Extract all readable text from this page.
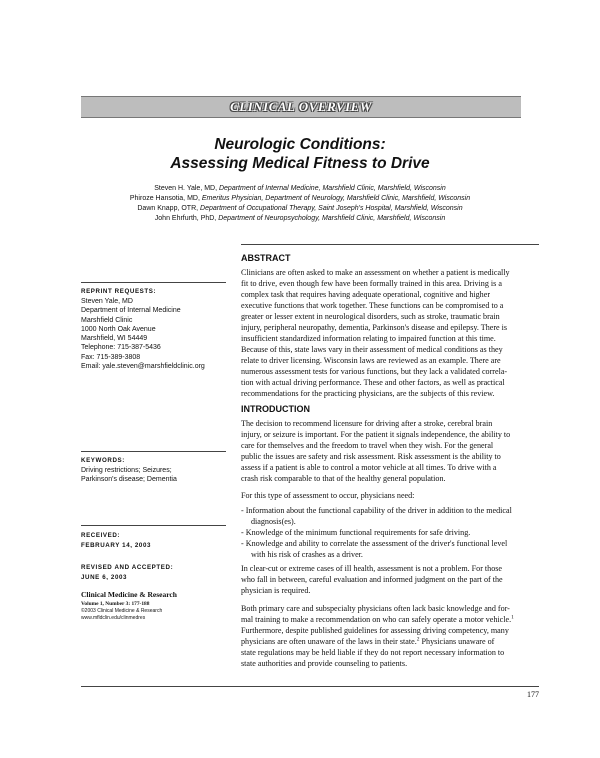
CLINICAL OVERVIEW
Neurologic Conditions:
Assessing Medical Fitness to Drive
Steven H. Yale, MD, Department of Internal Medicine, Marshfield Clinic, Marshfield, Wisconsin
Phiroze Hansotia, MD, Emeritus Physician, Department of Neurology, Marshfield Clinic, Marshfield, Wisconsin
Dawn Knapp, OTR, Department of Occupational Therapy, Saint Joseph's Hospital, Marshfield, Wisconsin
John Ehrfurth, PhD, Department of Neuropsychology, Marshfield Clinic, Marshfield, Wisconsin
REPRINT REQUESTS:
Steven Yale, MD
Department of Internal Medicine
Marshfield Clinic
1000 North Oak Avenue
Marshfield, WI 54449
Telephone: 715-387-5436
Fax: 715-389-3808
Email: yale.steven@marshfieldclinic.org
KEYWORDS:
Driving restrictions; Seizures;
Parkinson's disease; Dementia
RECEIVED:
FEBRUARY 14, 2003
REVISED AND ACCEPTED:
JUNE 6, 2003
Clinical Medicine & Research
Volume 1, Number 3: 177-188
©2003 Clinical Medicine & Research
www.mfldclin.edu/clinmedres
ABSTRACT
Clinicians are often asked to make an assessment on whether a patient is medically
fit to drive, even though few have been formally trained in this area. Driving is a
complex task that requires having adequate operational, cognitive and higher
executive functions that work together. These functions can be compromised to a
greater or lesser extent in neurological disorders, such as stroke, traumatic brain
injury, peripheral neuropathy, dementia, Parkinson's disease and epilepsy. There is
insufficient standardized information relating to impaired function at this time.
Because of this, state laws vary in their assessment of medical conditions as they
relate to driver licensing. Wisconsin laws are reviewed as an example. There are
numerous assessment tests for various functions, but they lack a validated correla-
tion with actual driving performance. These and other factors, as well as practical
recommendations for the practicing physicians, are the subjects of this review.
INTRODUCTION
The decision to recommend licensure for driving after a stroke, cerebral brain
injury, or seizure is important. For the patient it signals independence, the ability to
care for themselves and the freedom to travel when they wish. For the general
public the issues are safety and risk assessment. Risk assessment is the ability to
assess if a patient is able to control a motor vehicle at all times. To drive with a
crash risk comparable to that of the healthy general population.
For this type of assessment to occur, physicians need:
- Information about the functional capability of the driver in addition to the medical
diagnosis(es).
- Knowledge of the minimum functional requirements for safe driving.
- Knowledge and ability to correlate the assessment of the driver's functional level
with his risk of crashes as a driver.
In clear-cut or extreme cases of ill health, assessment is not a problem. For those
who fall in between, careful evaluation and informed judgment on the part of the
physician is required.
Both primary care and subspecialty physicians often lack basic knowledge and for-
mal training to make a recommendation on who can safely operate a motor vehicle.$^1$
Furthermore, despite published guidelines for assessing driving competency, many
physicians are often unaware of the laws in their state.$^2$ Physicians unaware of
state regulations may be held liable if they do not report necessary information to
state authorities and provide counseling to patients.
177
